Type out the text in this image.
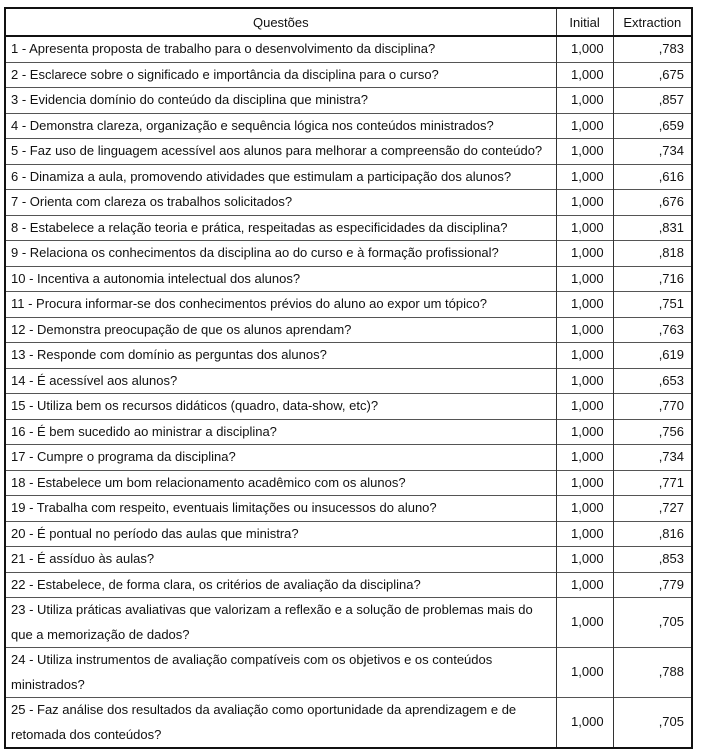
Questões	Initial	Extraction
1 - Apresenta proposta de trabalho para o desenvolvimento da disciplina?	1,000	,783
2 - Esclarece sobre o significado e importância da disciplina para o curso?	1,000	,675
3 - Evidencia domínio do conteúdo da disciplina que ministra?	1,000	,857
4 - Demonstra clareza, organização e sequência lógica nos conteúdos ministrados?	1,000	,659
5 - Faz uso de linguagem acessível aos alunos para melhorar a compreensão do conteúdo?	1,000	,734
6 - Dinamiza a aula, promovendo atividades que estimulam a participação dos alunos?	1,000	,616
7 - Orienta com clareza os trabalhos solicitados?	1,000	,676
8 - Estabelece a relação teoria e prática, respeitadas as especificidades da disciplina?	1,000	,831
9 - Relaciona os conhecimentos da disciplina ao do curso e à formação profissional?	1,000	,818
10 - Incentiva a autonomia intelectual dos alunos?	1,000	,716
11 - Procura informar-se dos conhecimentos prévios do aluno ao expor um tópico?	1,000	,751
12 - Demonstra preocupação de que os alunos aprendam?	1,000	,763
13 - Responde com domínio as perguntas dos alunos?	1,000	,619
14 - É acessível aos alunos?	1,000	,653
15 - Utiliza bem os recursos didáticos (quadro, data-show, etc)?	1,000	,770
16 - É bem sucedido ao ministrar a disciplina?	1,000	,756
17 - Cumpre o programa da disciplina?	1,000	,734
18 - Estabelece um bom relacionamento acadêmico com os alunos?	1,000	,771
19 - Trabalha com respeito, eventuais limitações ou insucessos do aluno?	1,000	,727
20 - É pontual no período das aulas que ministra?	1,000	,816
21 - É assíduo às aulas?	1,000	,853
22 - Estabelece, de forma clara, os critérios de avaliação da disciplina?	1,000	,779
23 - Utiliza práticas avaliativas que valorizam a reflexão e a solução de problemas mais do que a memorização de dados?	1,000	,705
24 - Utiliza instrumentos de avaliação compatíveis com os objetivos e os conteúdos ministrados?	1,000	,788
25 - Faz análise dos resultados da avaliação como oportunidade da aprendizagem e de retomada dos conteúdos?	1,000	,705
